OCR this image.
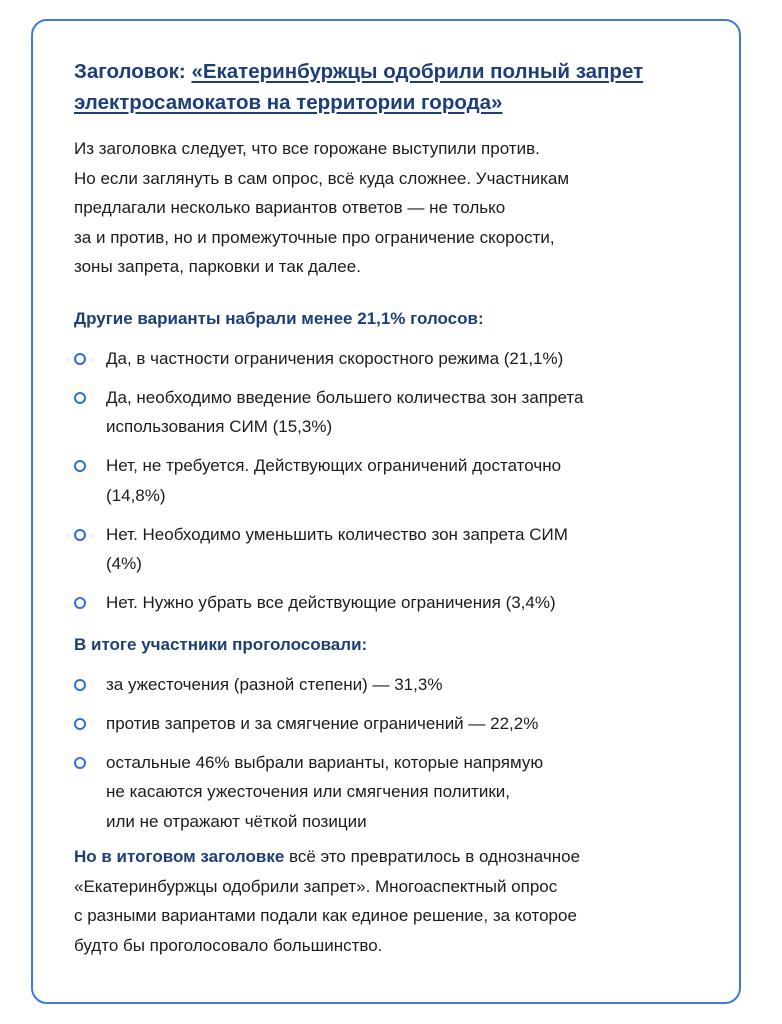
Заголовок: «Екатеринбуржцы одобрили полный запрет электросамокатов на территории города»

Из заголовка следует, что все горожане выступили против.
Но если заглянуть в сам опрос, всё куда сложнее. Участникам
предлагали несколько вариантов ответов — не только
за и против, но и промежуточные про ограничение скорости,
зоны запрета, парковки и так далее.

Другие варианты набрали менее 21,1% голосов:
Да, в частности ограничения скоростного режима (21,1%)
Да, необходимо введение большего количества зон запрета
использования СИМ (15,3%)
Нет, не требуется. Действующих ограничений достаточно
(14,8%)
Нет. Необходимо уменьшить количество зон запрета СИМ
(4%)
Нет. Нужно убрать все действующие ограничения (3,4%)
В итоге участники проголосовали:
за ужесточения (разной степени) — 31,3%
против запретов и за смягчение ограничений — 22,2%
остальные 46% выбрали варианты, которые напрямую
не касаются ужесточения или смягчения политики,
или не отражают чёткой позиции

Но в итоговом заголовке всё это превратилось в однозначное
«Екатеринбуржцы одобрили запрет». Многоаспектный опрос
с разными вариантами подали как единое решение, за которое
будто бы проголосовало большинство.
